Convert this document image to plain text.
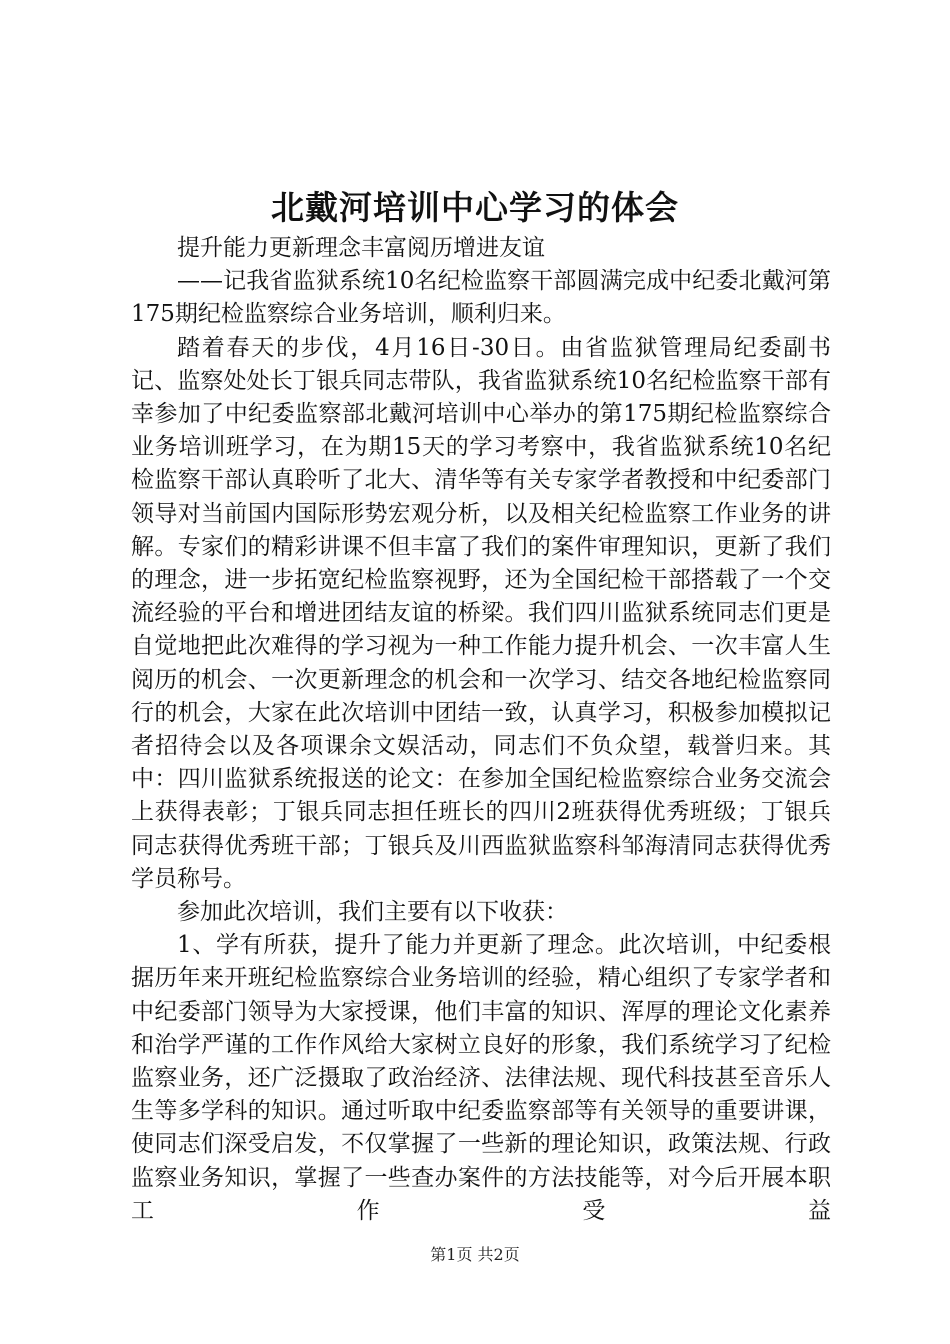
北戴河培训中心学习的体会

提升能力更新理念丰富阅历增进友谊

——记我省监狱系统10名纪检监察干部圆满完成中纪委北戴河第175期纪检监察综合业务培训，顺利归来。

踏着春天的步伐，4月16日-30日。由省监狱管理局纪委副书记、监察处处长丁银兵同志带队，我省监狱系统10名纪检监察干部有幸参加了中纪委监察部北戴河培训中心举办的第175期纪检监察综合业务培训班学习，在为期15天的学习考察中，我省监狱系统10名纪检监察干部认真聆听了北大、清华等有关专家学者教授和中纪委部门领导对当前国内国际形势宏观分析，以及相关纪检监察工作业务的讲解。专家们的精彩讲课不但丰富了我们的案件审理知识，更新了我们的理念，进一步拓宽纪检监察视野，还为全国纪检干部搭载了一个交流经验的平台和增进团结友谊的桥梁。我们四川监狱系统同志们更是自觉地把此次难得的学习视为一种工作能力提升机会、一次丰富人生阅历的机会、一次更新理念的机会和一次学习、结交各地纪检监察同行的机会，大家在此次培训中团结一致，认真学习，积极参加模拟记者招待会以及各项课余文娱活动，同志们不负众望，载誉归来。其中：四川监狱系统报送的论文：在参加全国纪检监察综合业务交流会上获得表彰；丁银兵同志担任班长的四川2班获得优秀班级；丁银兵同志获得优秀班干部；丁银兵及川西监狱监察科邹海清同志获得优秀学员称号。

参加此次培训，我们主要有以下收获：

1、学有所获，提升了能力并更新了理念。此次培训，中纪委根据历年来开班纪检监察综合业务培训的经验，精心组织了专家学者和中纪委部门领导为大家授课，他们丰富的知识、浑厚的理论文化素养和治学严谨的工作作风给大家树立良好的形象，我们系统学习了纪检监察业务，还广泛摄取了政治经济、法律法规、现代科技甚至音乐人生等多学科的知识。通过听取中纪委监察部等有关领导的重要讲课，使同志们深受启发，不仅掌握了一些新的理论知识，政策法规、行政监察业务知识，掌握了一些查办案件的方法技能等，对今后开展本职工作受益

第1页 共2页
